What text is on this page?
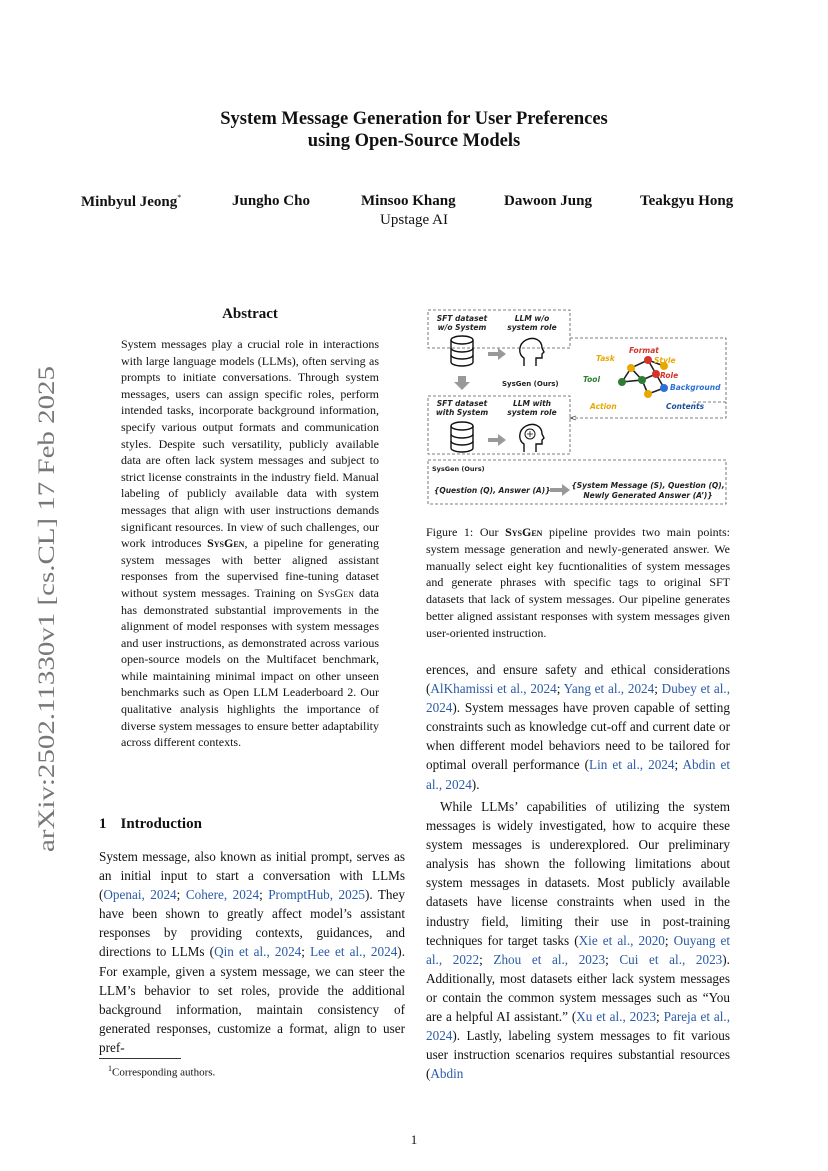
System Message Generation for User Preferences
using Open-Source Models
Minbyul Jeong*	Jungho Cho	Minsoo Khang	Dawoon Jung	Teakgyu Hong
Upstage AI
arXiv:2502.11330v1 [cs.CL] 17 Feb 2025
Abstract
System messages play a crucial role in interactions with large language models (LLMs), often serving as prompts to initiate conversations. Through system messages, users can assign specific roles, perform intended tasks, incorporate background information, specify various output formats and communication styles. Despite such versatility, publicly available data are often lack system messages and subject to strict license constraints in the industry field. Manual labeling of publicly available data with system messages that align with user instructions demands significant resources. In view of such challenges, our work introduces SysGen, a pipeline for generating system messages with better aligned assistant responses from the supervised fine-tuning dataset without system messages. Training on SysGen data has demonstrated substantial improvements in the alignment of model responses with system messages and user instructions, as demonstrated across various open-source models on the Multifacet benchmark, while maintaining minimal impact on other unseen benchmarks such as Open LLM Leaderboard 2. Our qualitative analysis highlights the importance of diverse system messages to ensure better adaptability across different contexts.
1 Introduction
System message, also known as initial prompt, serves as an initial input to start a conversation with LLMs (Openai, 2024; Cohere, 2024; PromptHub, 2025). They have been shown to greatly affect model’s assistant responses by providing contexts, guidances, and directions to LLMs (Qin et al., 2024; Lee et al., 2024). For example, given a system message, we can steer the LLM’s behavior to set roles, provide the additional background information, maintain consistency of generated responses, customize a format, align to user pref-
SFT dataset
w/o System
LLM w/o
system role
SysGen (Ours)
SFT dataset
with System
LLM with
system role
Format
Task	Style
Role
Tool
Background
Action	Contents
SysGen (Ours)
{Question (Q), Answer (A)}
{System Message (S), Question (Q),
Newly Generated Answer (A’)}
Figure 1: Our SysGen pipeline provides two main points: system message generation and newly-generated answer. We manually select eight key fucntionalities of system messages and generate phrases with specific tags to original SFT datasets that lack of system messages. Our pipeline generates better aligned assistant responses with system messages given user-oriented instruction.
erences, and ensure safety and ethical considerations (AlKhamissi et al., 2024; Yang et al., 2024; Dubey et al., 2024). System messages have proven capable of setting constraints such as knowledge cut-off and current date or when different model behaviors need to be tailored for optimal overall performance (Lin et al., 2024; Abdin et al., 2024).

While LLMs’ capabilities of utilizing the system messages is widely investigated, how to acquire these system messages is underexplored. Our preliminary analysis has shown the following limitations about system messages in datasets. Most publicly available datasets have license constraints when used in the industry field, limiting their use in post-training techniques for target tasks (Xie et al., 2020; Ouyang et al., 2022; Zhou et al., 2023; Cui et al., 2023). Additionally, most datasets either lack system messages or contain the common system messages such as “You are a helpful AI assistant.” (Xu et al., 2023; Pareja et al., 2024). Lastly, labeling system messages to fit various user instruction scenarios requires substantial resources (Abdin

$^1$Corresponding authors.
1
